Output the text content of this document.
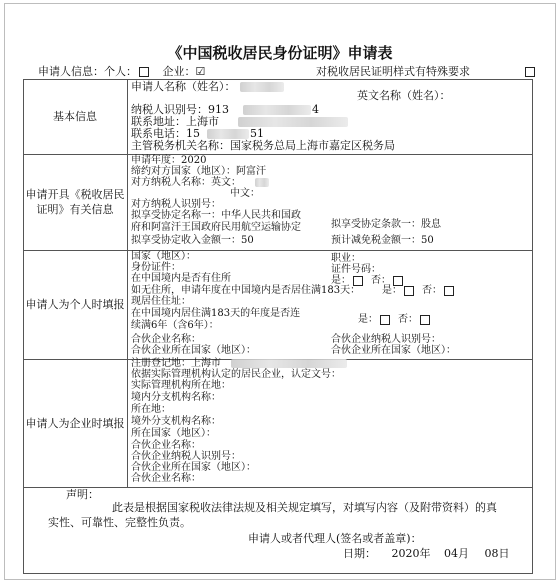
《中国税收居民身份证明》申请表
申请人信息：个人： 企业：☑	对税收居民证明样式有特殊要求
基本信息
申请人名称（姓名）：
英文名称（姓名）：
纳税人识别号：913	4
联系地址：上海市
联系电话：15	51
主管税务机关名称：国家税务总局上海市嘉定区税务局
申请开具《税收居民证明》有关信息
申请年度：2020
缔约对方国家（地区）：阿富汗
对方纳税人名称：英文：
中文：
对方纳税人识别号：
拟享受协定名称一：中华人民共和国政
府和阿富汗王国政府民用航空运输协定	拟享受协定条款一：股息
拟享受协定收入金额一：50	预计减免税金额一：50
申请人为个人时填报
国家（地区）：	职业：
身份证件：	证件号码：
在中国境内是否有住所	是： 否：
如无住所，申请年度在中国境内是否居住满183天： 是： 否：
现居住住址：
在中国境内居住满183天的年度是否连
续满6年（含6年）：
是： 否：
合伙企业名称：	合伙企业纳税人识别号：
合伙企业所在国家（地区）：	合伙企业所在国家（地区）：
申请人为企业时填报
注册登记地：上海市
依据实际管理机构认定的居民企业，认定文号：
实际管理机构所在地：
境内分支机构名称：
所在地：
境外分支机构名称：
所在国家（地区）：
合伙企业名称：
合伙企业纳税人识别号：
合伙企业所在国家（地区）：
合伙企业名称：
声明：
此表是根据国家税收法律法规及相关规定填写，对填写内容（及附带资料）的真
实性、可靠性、完整性负责。
申请人或者代理人(签名或者盖章)：
日期： 2020年 04月 08日
